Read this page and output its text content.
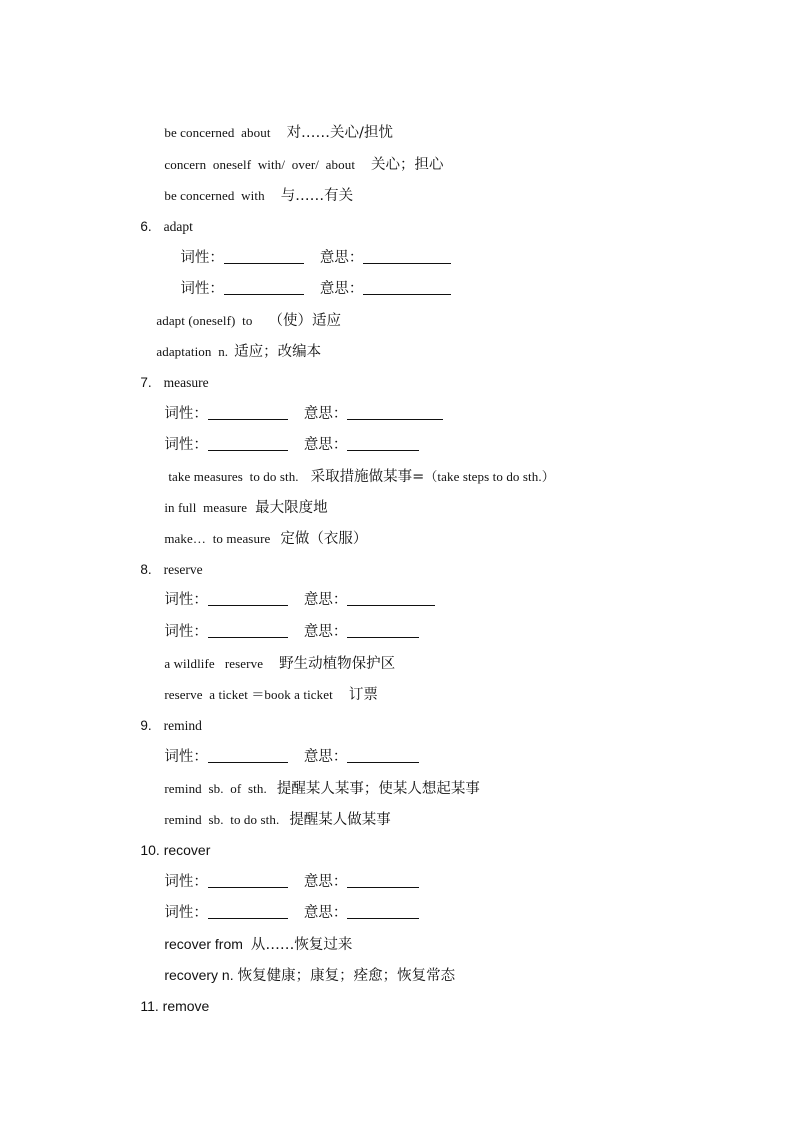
be concerned  about 对……关心/担忧

concern  oneself  with/  over/  about 关心；担心

be concerned  with 与……有关

6. adapt

词性：	意思：

词性：	意思：

adapt (oneself)  to （使）适应

adaptation  n. 适应；改编本

7. measure

词性：	意思：

词性：	意思：

take measures  to do sth. 采取措施做某事=（take steps to do sth.）

in full  measure 最大限度地

make…  to measure 定做（衣服）

8. reserve

词性：	意思：

词性：	意思：

a wildlife   reserve 野生动植物保护区

reserve  a ticket ＝book a ticket 订票

9. remind

词性：	意思：

remind  sb.  of  sth. 提醒某人某事；使某人想起某事

remind  sb.  to do sth. 提醒某人做某事

10. recover

词性：	意思：

词性：	意思：

recover from 从……恢复过来

recovery n. 恢复健康；康复；痊愈；恢复常态

11. remove
